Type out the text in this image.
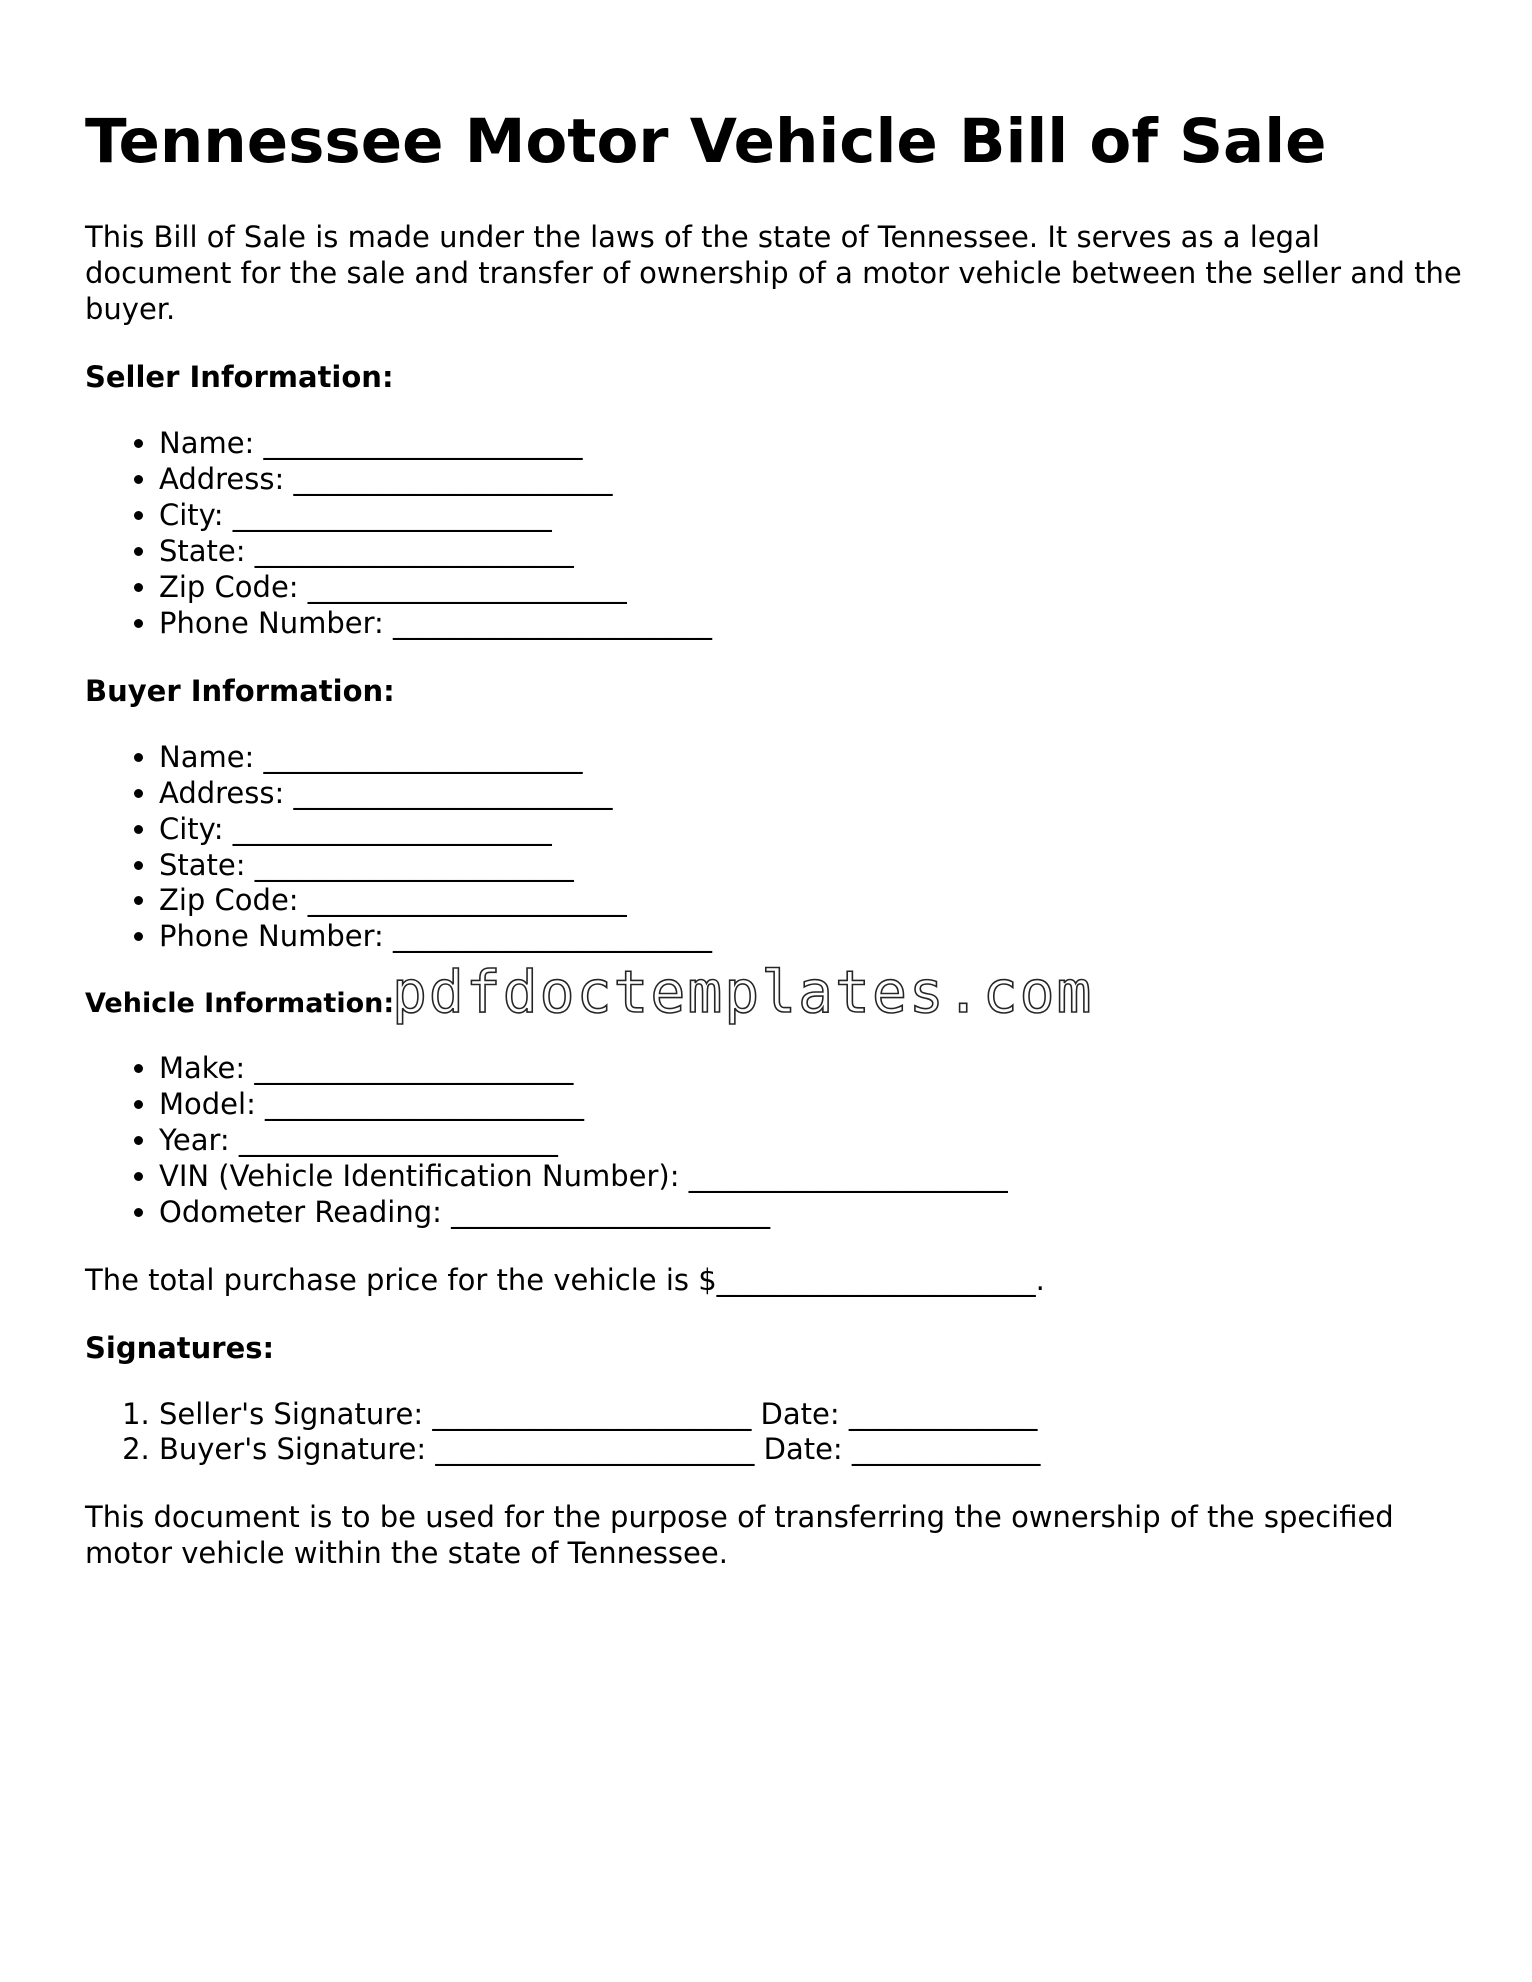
Tennessee Motor Vehicle Bill of Sale

This Bill of Sale is made under the laws of the state of Tennessee. It serves as a legal document for the sale and transfer of ownership of a motor vehicle between the seller and the buyer.

Seller Information:
• Name: ______________________
• Address: ______________________
• City: ______________________
• State: ______________________
• Zip Code: ______________________
• Phone Number: ______________________
Buyer Information:
• Name: ______________________
• Address: ______________________
• City: ______________________
• State: ______________________
• Zip Code: ______________________
• Phone Number: ______________________
Vehicle Information:
• Make: ______________________
• Model: ______________________
• Year: ______________________
• VIN (Vehicle Identification Number): ______________________
• Odometer Reading: ______________________

The total purchase price for the vehicle is $______________________.

Signatures:
1. Seller's Signature: ______________________ Date: _____________
2. Buyer's Signature: ______________________ Date: _____________

This document is to be used for the purpose of transferring the ownership of the specified motor vehicle within the state of Tennessee.

pdfdoctemplates.com
